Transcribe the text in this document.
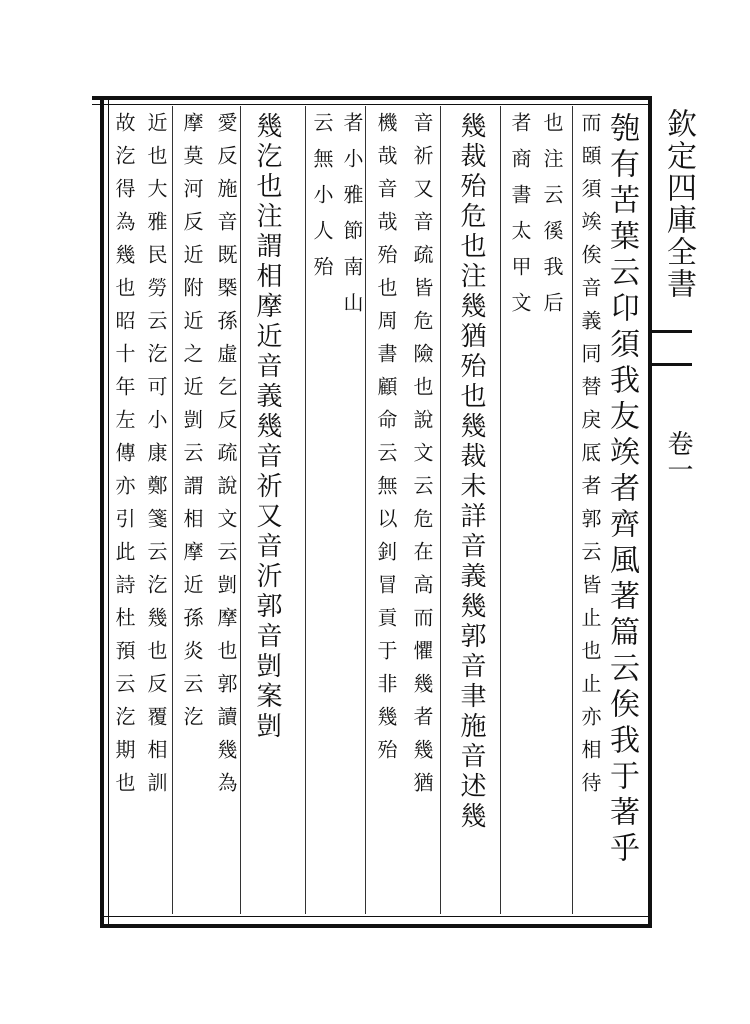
欽定四庫全書
卷一
匏有苦葉云卬須我友竢者齊風著篇云俟我于著乎
而頣須竢俟音義同替戾厎者郭云皆止也止亦相待
也注云徯我后
者商書太甲文
幾裁殆危也注幾猶殆也幾裁未詳音義幾郭音聿施音述幾
音祈又音疏皆危險也說文云危在高而懼幾者幾猶
機哉音哉殆也周書顧命云無以釗冒貢于非幾殆
者小雅節南山
云無小人殆
幾汔也注謂相摩近音義幾音祈又音沂郭音剴案剴
愛反施音既槩孫虛乞反疏說文云剴摩也郭讀幾為
摩莫河反近附近之近剴云謂相摩近孫炎云汔
近也大雅民勞云汔可小康鄭箋云汔幾也反覆相訓
故汔得為幾也昭十年左傳亦引此詩杜預云汔期也
